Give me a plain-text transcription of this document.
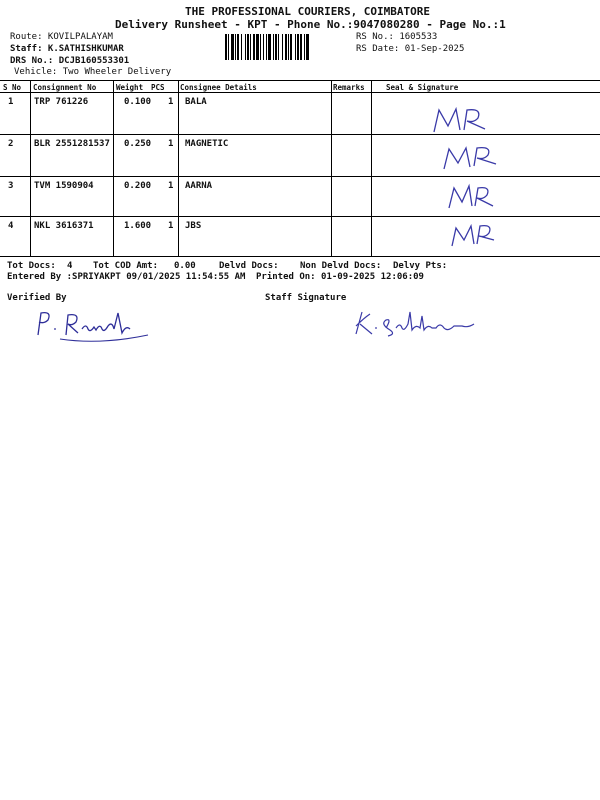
THE PROFESSIONAL COURIERS, COIMBATORE
Delivery Runsheet - KPT - Phone No.:9047080280 - Page No.:1
Route: KOVILPALAYAM
Staff: K.SATHISHKUMAR
DRS No.: DCJB160553301
Vehicle: Two Wheeler Delivery
RS No.: 1605533
RS Date: 01-Sep-2025
S No Consignment No	Weight PCS Consignee Details	Remarks	Seal & Signature
1 TRP 761226	0.100 1 BALA
2 BLR 2551281537 0.250 1 MAGNETIC
3 TVM 1590904	0.200 1 AARNA
4 NKL 3616371	1.600 1 JBS
Tot Docs: 4 Tot COD Amt: 0.00	Delvd Docs: Non Delvd Docs: Delvy Pts:
Entered By :SPRIYAKPT 09/01/2025 11:54:55 AM Printed On: 01-09-2025 12:06:09
Verified By	Staff Signature
